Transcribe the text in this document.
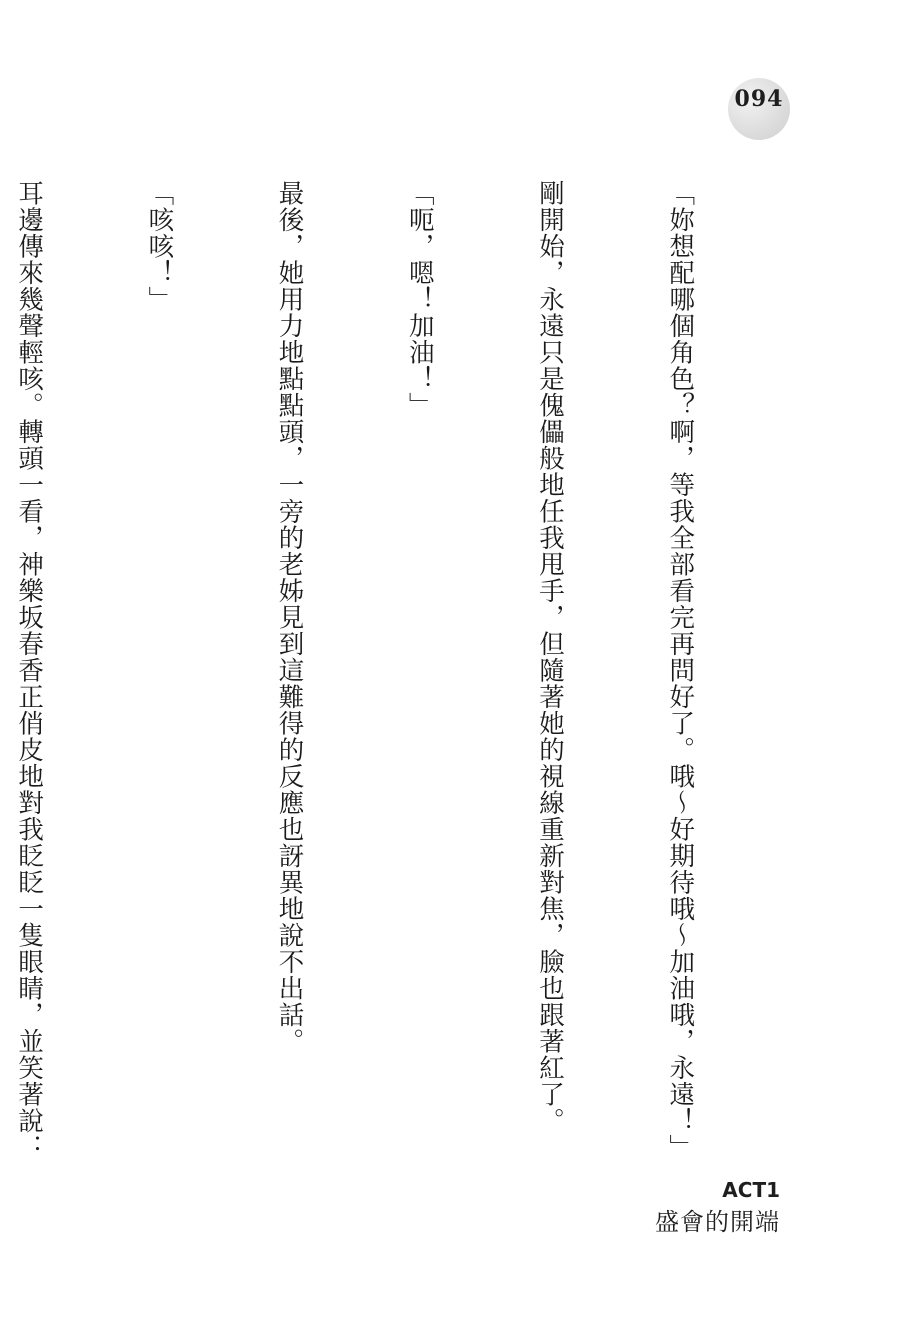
094

「妳想配哪個角色？啊，等我全部看完再問好了。哦～好期待哦～加油哦，永遠！」

剛開始，永遠只是傀儡般地任我甩手，但隨著她的視線重新對焦，臉也跟著紅了。

「呃，嗯！加油！」

最後，她用力地點點頭，一旁的老姊見到這難得的反應也訝異地說不出話。

「咳咳！」

耳邊傳來幾聲輕咳。轉頭一看，神樂坂春香正俏皮地對我眨眨一隻眼睛，並笑著說：

ACT1
盛會的開端
